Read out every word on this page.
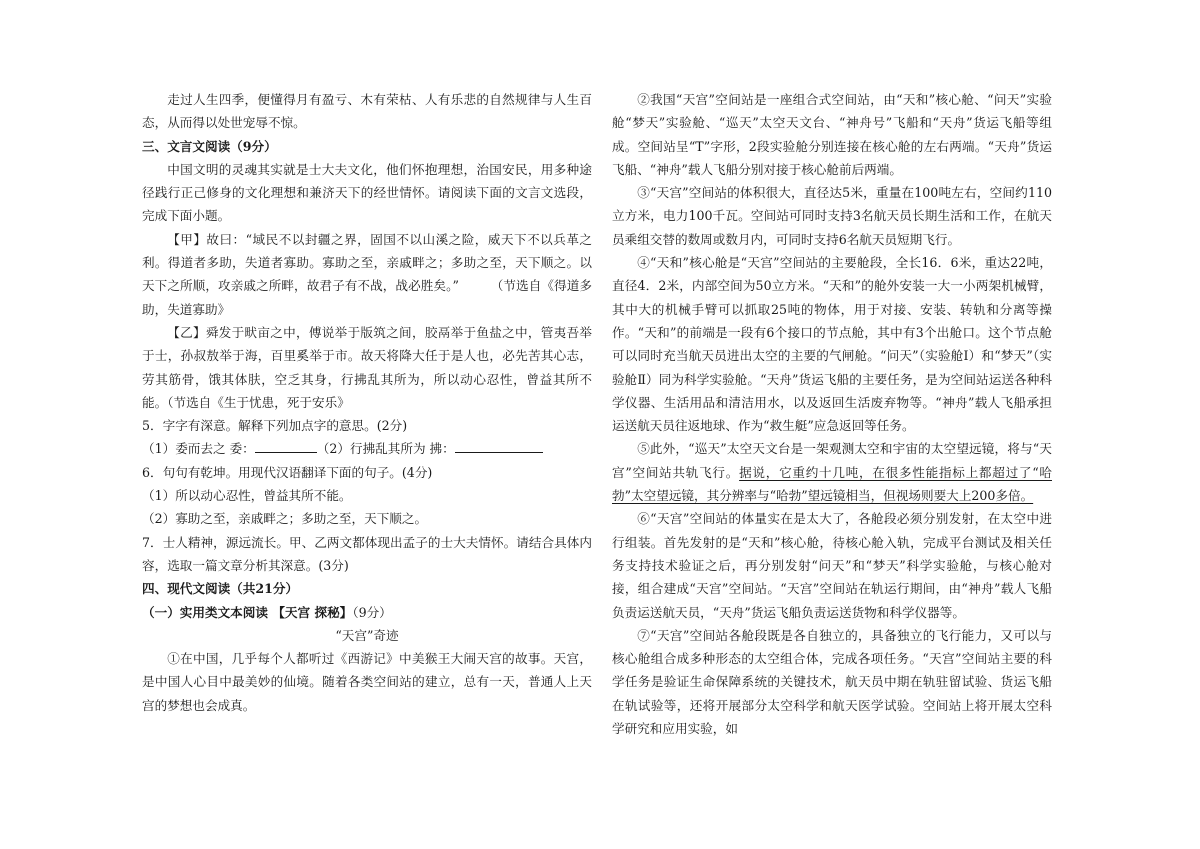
走过人生四季，便懂得月有盈亏、木有荣枯、人有乐悲的自然规律与人生百态，从而得以处世宠辱不惊。

三、文言文阅读（9分）

中国文明的灵魂其实就是士大夫文化，他们怀抱理想，治国安民，用多种途径践行正己修身的文化理想和兼济天下的经世情怀。请阅读下面的文言文选段，完成下面小题。

【甲】故曰：“域民不以封疆之界，固国不以山溪之险，威天下不以兵革之利。得道者多助，失道者寡助。寡助之至，亲戚畔之；多助之至，天下顺之。以天下之所顺，攻亲戚之所畔，故君子有不战，战必胜矣。”　　　（节选自《得道多助，失道寡助》

【乙】舜发于畎亩之中，傅说举于版筑之间，胶鬲举于鱼盐之中，管夷吾举于士，孙叔敖举于海，百里奚举于市。故天将降大任于是人也，必先苦其心志，劳其筋骨，饿其体肤，空乏其身，行拂乱其所为，所以动心忍性，曾益其所不能。（节选自《生于忧患，死于安乐》

5．字字有深意。解释下列加点字的意思。(2分)

（1）委而去之 委：	（2）行拂乱其所为 拂：

6．句句有乾坤。用现代汉语翻译下面的句子。(4分)

（1）所以动心忍性，曾益其所不能。

（2）寡助之至，亲戚畔之；多助之至，天下顺之。

7．士人精神，源远流长。甲、乙两文都体现出孟子的士大夫情怀。请结合具体内容，选取一篇文章分析其深意。(3分)

四、现代文阅读（共21分）

（一）实用类文本阅读 【天宫 探秘】（9分）

“天宫”奇迹

①在中国，几乎每个人都听过《西游记》中美猴王大闹天宫的故事。天宫，是中国人心目中最美妙的仙境。随着各类空间站的建立，总有一天，普通人上天宫的梦想也会成真。

②我国“天宫”空间站是一座组合式空间站，由“天和”核心舱、“问天”实验舱“梦天”实验舱、“巡天”太空天文台、“神舟号”飞船和“天舟”货运飞船等组成。空间站呈“T”字形，2段实验舱分别连接在核心舱的左右两端。“天舟”货运飞船、“神舟”载人飞船分别对接于核心舱前后两端。

③“天宫”空间站的体积很大，直径达5米，重量在100吨左右，空间约110立方米，电力100千瓦。空间站可同时支持3名航天员长期生活和工作，在航天员乘组交替的数周或数月内，可同时支持6名航天员短期飞行。

④“天和”核心舱是“天宫”空间站的主要舱段，全长16．6米，重达22吨，直径4．2米，内部空间为50立方米。“天和”的舱外安装一大一小两架机械臂，其中大的机械手臂可以抓取25吨的物体，用于对接、安装、转轨和分离等操作。“天和”的前端是一段有6个接口的节点舱，其中有3个出舱口。这个节点舱可以同时充当航天员进出太空的主要的气闸舱。“问天”（实验舱Ⅰ）和“梦天”（实验舱Ⅱ）同为科学实验舱。“天舟”货运飞船的主要任务，是为空间站运送各种科学仪器、生活用品和清洁用水，以及返回生活废弃物等。“神舟”载人飞船承担运送航天员往返地球、作为“救生艇”应急返回等任务。

⑤此外，“巡天”太空天文台是一架观测太空和宇宙的太空望远镜，将与“天宫”空间站共轨飞行。据说，它重约十几吨，在很多性能指标上都超过了“哈勃”太空望远镜，其分辨率与“哈勃”望远镜相当，但视场则要大上200多倍。

⑥“天宫”空间站的体量实在是太大了，各舱段必须分别发射，在太空中进行组装。首先发射的是“天和”核心舱，待核心舱入轨，完成平台测试及相关任务支持技术验证之后，再分别发射“问天”和“梦天”科学实验舱，与核心舱对接，组合建成“天宫”空间站。“天宫”空间站在轨运行期间，由“神舟”载人飞船负责运送航天员，“天舟”货运飞船负责运送货物和科学仪器等。

⑦“天宫”空间站各舱段既是各自独立的，具备独立的飞行能力，又可以与核心舱组合成多种形态的太空组合体，完成各项任务。“天宫”空间站主要的科学任务是验证生命保障系统的关键技术，航天员中期在轨驻留试验、货运飞船在轨试验等，还将开展部分太空科学和航天医学试验。空间站上将开展太空科学研究和应用实验，如
